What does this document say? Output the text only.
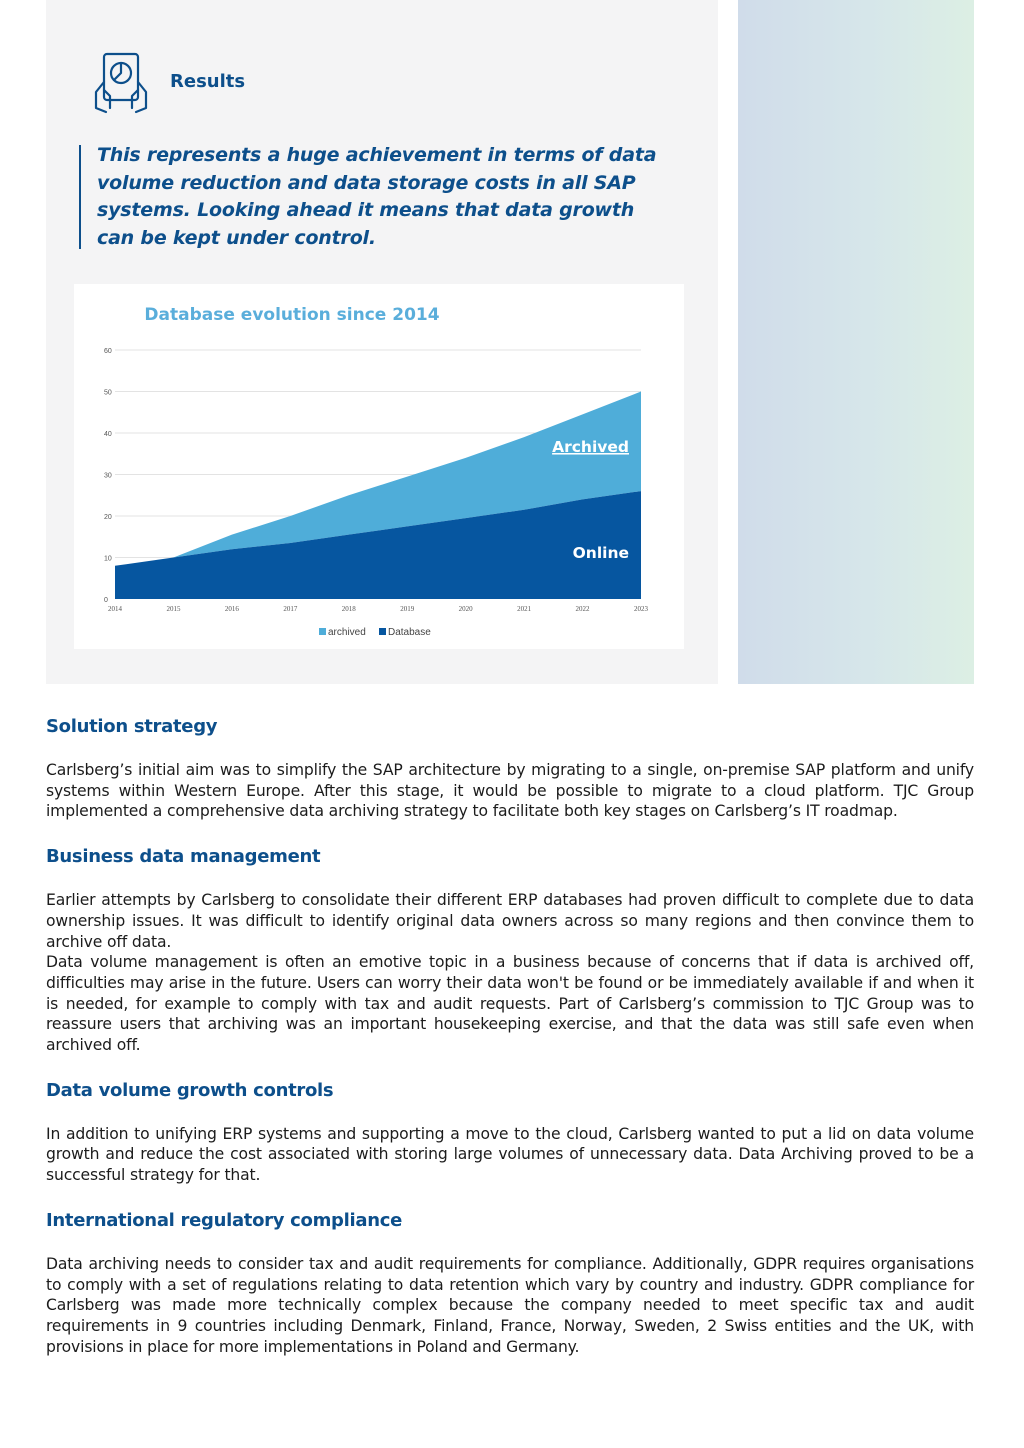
Results

This represents a huge achievement in terms of data volume reduction and data storage costs in all SAP systems. Looking ahead it means that data growth can be kept under control.

Database evolution since 2014
0
10
20
30
40
50
60
2014	2015	2016	2017	2018	2019	2020	2021	2022	2023
Archived
Online
archived Database
Solution strategy

Carlsberg’s initial aim was to simplify the SAP architecture by migrating to a single, on-premise SAP platform and unify systems within Western Europe. After this stage, it would be possible to migrate to a cloud platform. TJC Group implemented a comprehensive data archiving strategy to facilitate both key stages on Carlsberg’s IT roadmap.

Business data management

Earlier attempts by Carlsberg to consolidate their different ERP databases had proven difficult to complete due to data ownership issues. It was difficult to identify original data owners across so many regions and then convince them to archive off data.

Data volume management is often an emotive topic in a business because of concerns that if data is archived off, difficulties may arise in the future. Users can worry their data won't be found or be immediately available if and when it is needed, for example to comply with tax and audit requests. Part of Carlsberg’s commission to TJC Group was to reassure users that archiving was an important housekeeping exercise, and that the data was still safe even when archived off.

Data volume growth controls

In addition to unifying ERP systems and supporting a move to the cloud, Carlsberg wanted to put a lid on data volume growth and reduce the cost associated with storing large volumes of unnecessary data. Data Archiving proved to be a successful strategy for that.

International regulatory compliance

Data archiving needs to consider tax and audit requirements for compliance. Additionally, GDPR requires organisations to comply with a set of regulations relating to data retention which vary by country and industry. GDPR compliance for Carlsberg was made more technically complex because the company needed to meet specific tax and audit requirements in 9 countries including Denmark, Finland, France, Norway, Sweden, 2 Swiss entities and the UK, with provisions in place for more implementations in Poland and Germany.
